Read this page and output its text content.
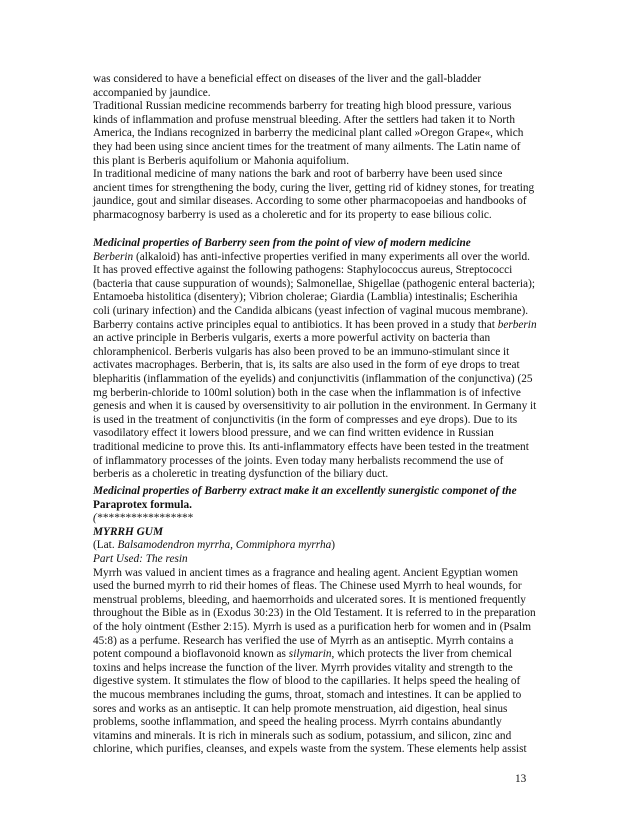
was considered to have a beneficial effect on diseases of the liver and the gall-bladder
accompanied by jaundice.
Traditional Russian medicine recommends barberry for treating high blood pressure, various
kinds of inflammation and profuse menstrual bleeding. After the settlers had taken it to North
America, the Indians recognized in barberry the medicinal plant called »Oregon Grape«, which
they had been using since ancient times for the treatment of many ailments. The Latin name of
this plant is Berberis aquifolium or Mahonia aquifolium.
In traditional medicine of many nations the bark and root of barberry have been used since
ancient times for strengthening the body, curing the liver, getting rid of kidney stones, for treating
jaundice, gout and similar diseases. According to some other pharmacopoeias and handbooks of
pharmacognosy barberry is used as a choleretic and for its property to ease bilious colic.
Medicinal properties of Barberry seen from the point of view of modern medicine
Berberin (alkaloid) has anti-infective properties verified in many experiments all over the world.
It has proved effective against the following pathogens: Staphylococcus aureus, Streptococci
(bacteria that cause suppuration of wounds); Salmonellae, Shigellae (pathogenic enteral bacteria);
Entamoeba histolitica (disentery); Vibrion cholerae; Giardia (Lamblia) intestinalis; Escherihia
coli (urinary infection) and the Candida albicans (yeast infection of vaginal mucous membrane).
Barberry contains active principles equal to antibiotics. It has been proved in a study that berberin
an active principle in Berberis vulgaris, exerts a more powerful activity on bacteria than
chloramphenicol. Berberis vulgaris has also been proved to be an immuno-stimulant since it
activates macrophages. Berberin, that is, its salts are also used in the form of eye drops to treat
blepharitis (inflammation of the eyelids) and conjunctivitis (inflammation of the conjunctiva) (25
mg berberin-chloride to 100ml solution) both in the case when the inflammation is of infective
genesis and when it is caused by oversensitivity to air pollution in the environment. In Germany it
is used in the treatment of conjunctivitis (in the form of compresses and eye drops). Due to its
vasodilatory effect it lowers blood pressure, and we can find written evidence in Russian
traditional medicine to prove this. Its anti-inflammatory effects have been tested in the treatment
of inflammatory processes of the joints. Even today many herbalists recommend the use of
berberis as a choleretic in treating dysfunction of the biliary duct.
Medicinal properties of Barberry extract make it an excellently sunergistic componet of the
Paraprotex formula.
(*****************
MYRRH GUM
(Lat. Balsamodendron myrrha, Commiphora myrrha)
Part Used: The resin
Myrrh was valued in ancient times as a fragrance and healing agent. Ancient Egyptian women
used the burned myrrh to rid their homes of fleas. The Chinese used Myrrh to heal wounds, for
menstrual problems, bleeding, and haemorrhoids and ulcerated sores. It is mentioned frequently
throughout the Bible as in (Exodus 30:23) in the Old Testament. It is referred to in the preparation
of the holy ointment (Esther 2:15). Myrrh is used as a purification herb for women and in (Psalm
45:8) as a perfume. Research has verified the use of Myrrh as an antiseptic. Myrrh contains a
potent compound a bioflavonoid known as silymarin, which protects the liver from chemical
toxins and helps increase the function of the liver. Myrrh provides vitality and strength to the
digestive system. It stimulates the flow of blood to the capillaries. It helps speed the healing of
the mucous membranes including the gums, throat, stomach and intestines. It can be applied to
sores and works as an antiseptic. It can help promote menstruation, aid digestion, heal sinus
problems, soothe inflammation, and speed the healing process. Myrrh contains abundantly
vitamins and minerals. It is rich in minerals such as sodium, potassium, and silicon, zinc and
chlorine, which purifies, cleanses, and expels waste from the system. These elements help assist
13
